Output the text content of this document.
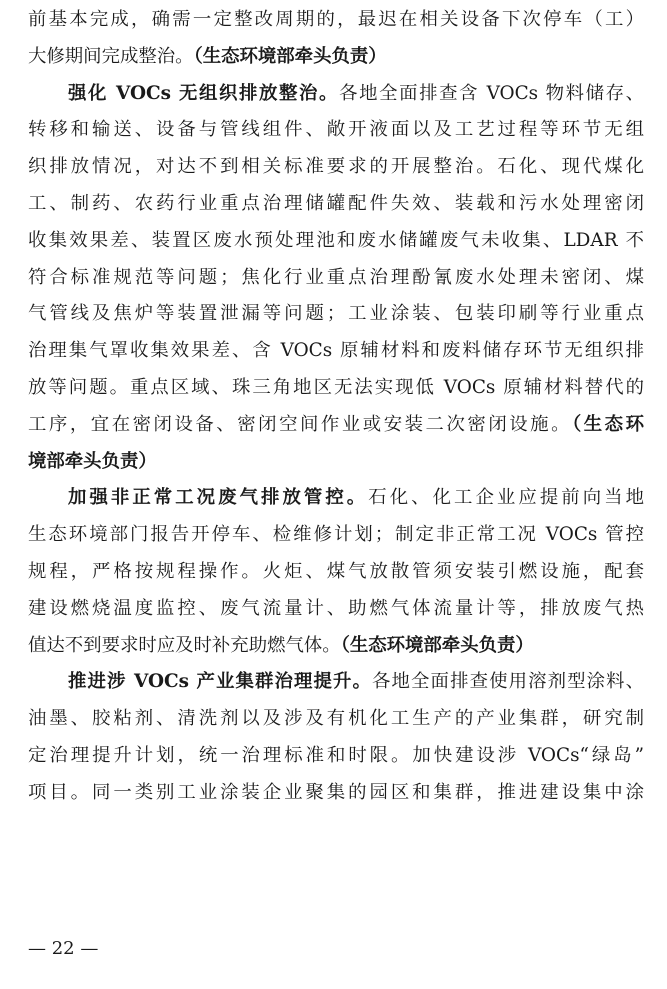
前基本完成，确需一定整改周期的，最迟在相关设备下次停车（工）
大修期间完成整治。（生态环境部牵头负责）
强化 VOCs 无组织排放整治。各地全面排查含 VOCs 物料储存、
转移和输送、设备与管线组件、敞开液面以及工艺过程等环节无组
织排放情况，对达不到相关标准要求的开展整治。石化、现代煤化
工、制药、农药行业重点治理储罐配件失效、装载和污水处理密闭
收集效果差、装置区废水预处理池和废水储罐废气未收集、LDAR 不
符合标准规范等问题；焦化行业重点治理酚氰废水处理未密闭、煤
气管线及焦炉等装置泄漏等问题；工业涂装、包装印刷等行业重点
治理集气罩收集效果差、含 VOCs 原辅材料和废料储存环节无组织排
放等问题。重点区域、珠三角地区无法实现低 VOCs 原辅材料替代的
工序，宜在密闭设备、密闭空间作业或安装二次密闭设施。（生态环
境部牵头负责）
加强非正常工况废气排放管控。石化、化工企业应提前向当地
生态环境部门报告开停车、检维修计划；制定非正常工况 VOCs 管控
规程，严格按规程操作。火炬、煤气放散管须安装引燃设施，配套
建设燃烧温度监控、废气流量计、助燃气体流量计等，排放废气热
值达不到要求时应及时补充助燃气体。（生态环境部牵头负责）
推进涉 VOCs 产业集群治理提升。各地全面排查使用溶剂型涂料、
油墨、胶粘剂、清洗剂以及涉及有机化工生产的产业集群，研究制
定治理提升计划，统一治理标准和时限。加快建设涉 VOCs“绿岛”
项目。同一类别工业涂装企业聚集的园区和集群，推进建设集中涂
— 22 —
